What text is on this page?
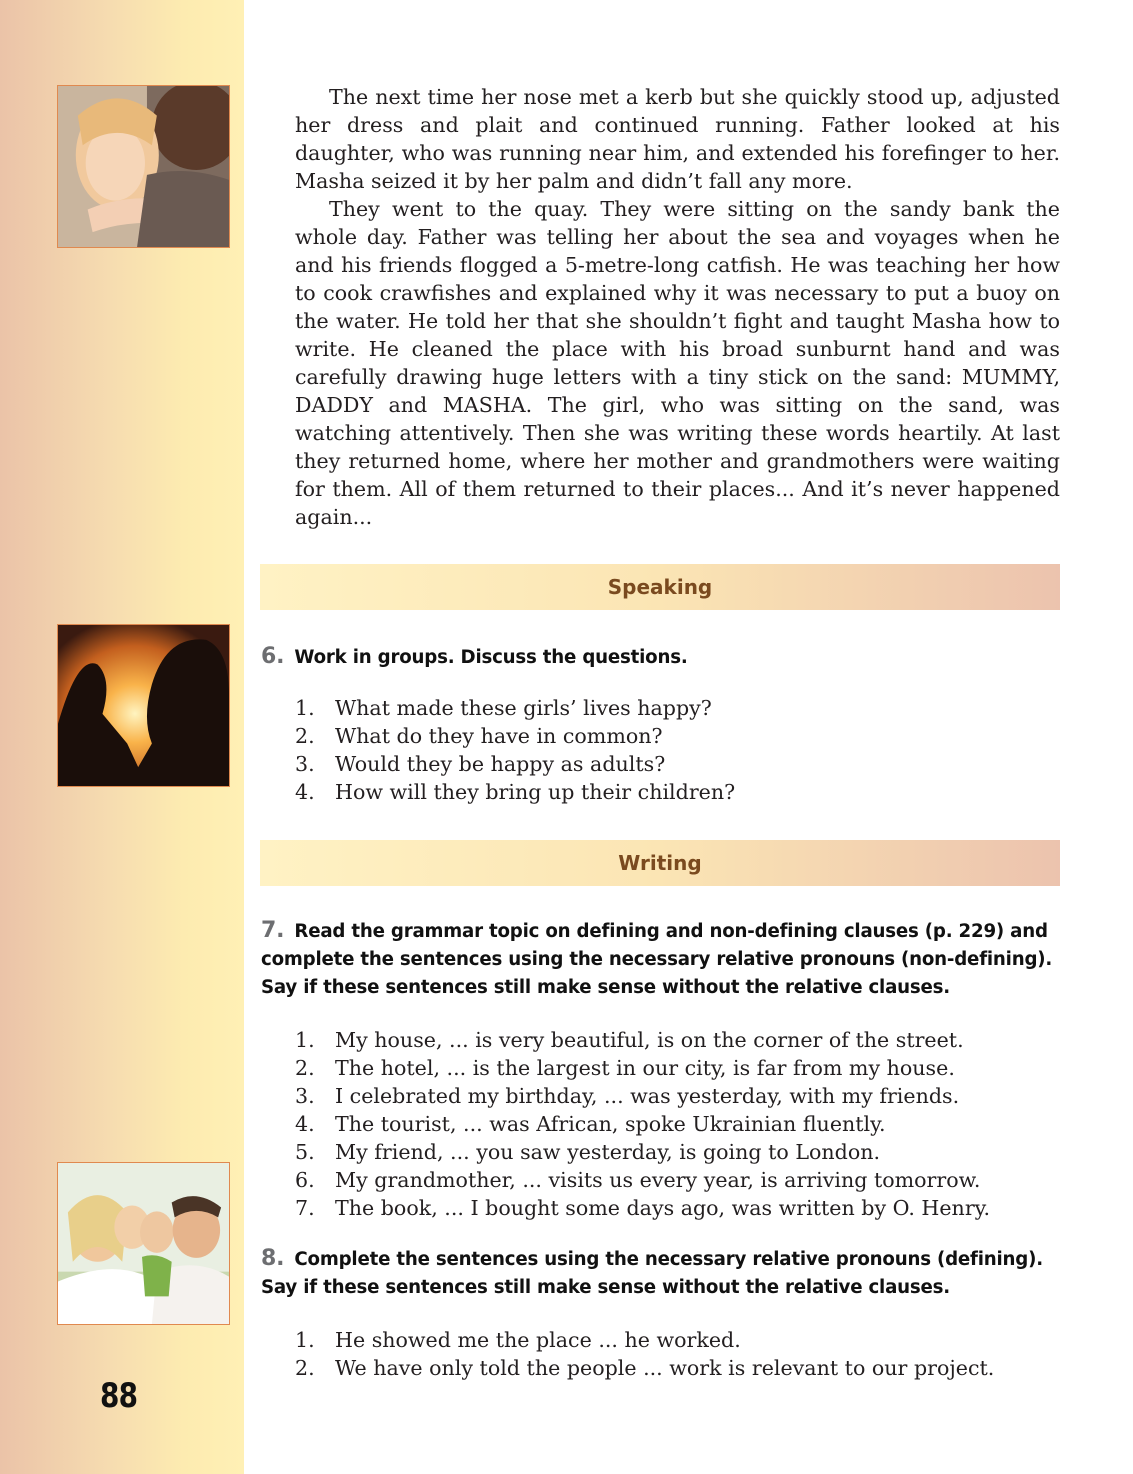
88

The next time her nose met a kerb but she quickly stood up, adjusted her dress and plait and continued running. Father looked at his daughter, who was running near him, and extended his forefinger to her. Masha seized it by her palm and didn’t fall any more.

They went to the quay. They were sitting on the sandy bank the whole day. Father was telling her about the sea and voyages when he and his friends flogged a 5-metre-long catfish. He was teaching her how to cook crawfishes and explained why it was necessary to put a buoy on the water. He told her that she shouldn’t fight and taught Masha how to write. He cleaned the place with his broad sunburnt hand and was carefully drawing huge letters with a tiny stick on the sand: MUMMY, DADDY and MASHA. The girl, who was sitting on the sand, was watching attentively. Then she was writing these words heartily. At last they returned home, where her mother and grandmothers were waiting for them. All of them returned to their places... And it’s never happened again...

Speaking
6. Work in groups. Discuss the questions.
1. What made these girls’ lives happy?
2. What do they have in common?
3. Would they be happy as adults?
4. How will they bring up their children?
Writing
7. Read the grammar topic on defining and non-defining clauses (p. 229) and complete the sentences using the necessary relative pronouns (non-defining). Say if these sentences still make sense without the relative clauses.
1. My house, ... is very beautiful, is on the corner of the street.
2. The hotel, ... is the largest in our city, is far from my house.
3. I celebrated my birthday, ... was yesterday, with my friends.
4. The tourist, ... was African, spoke Ukrainian fluently.
5. My friend, ... you saw yesterday, is going to London.
6. My grandmother, ... visits us every year, is arriving tomorrow.
7. The book, ... I bought some days ago, was written by O. Henry.
8. Complete the sentences using the necessary relative pronouns (defining). Say if these sentences still make sense without the relative clauses.
1. He showed me the place ... he worked.
2. We have only told the people ... work is relevant to our project.
